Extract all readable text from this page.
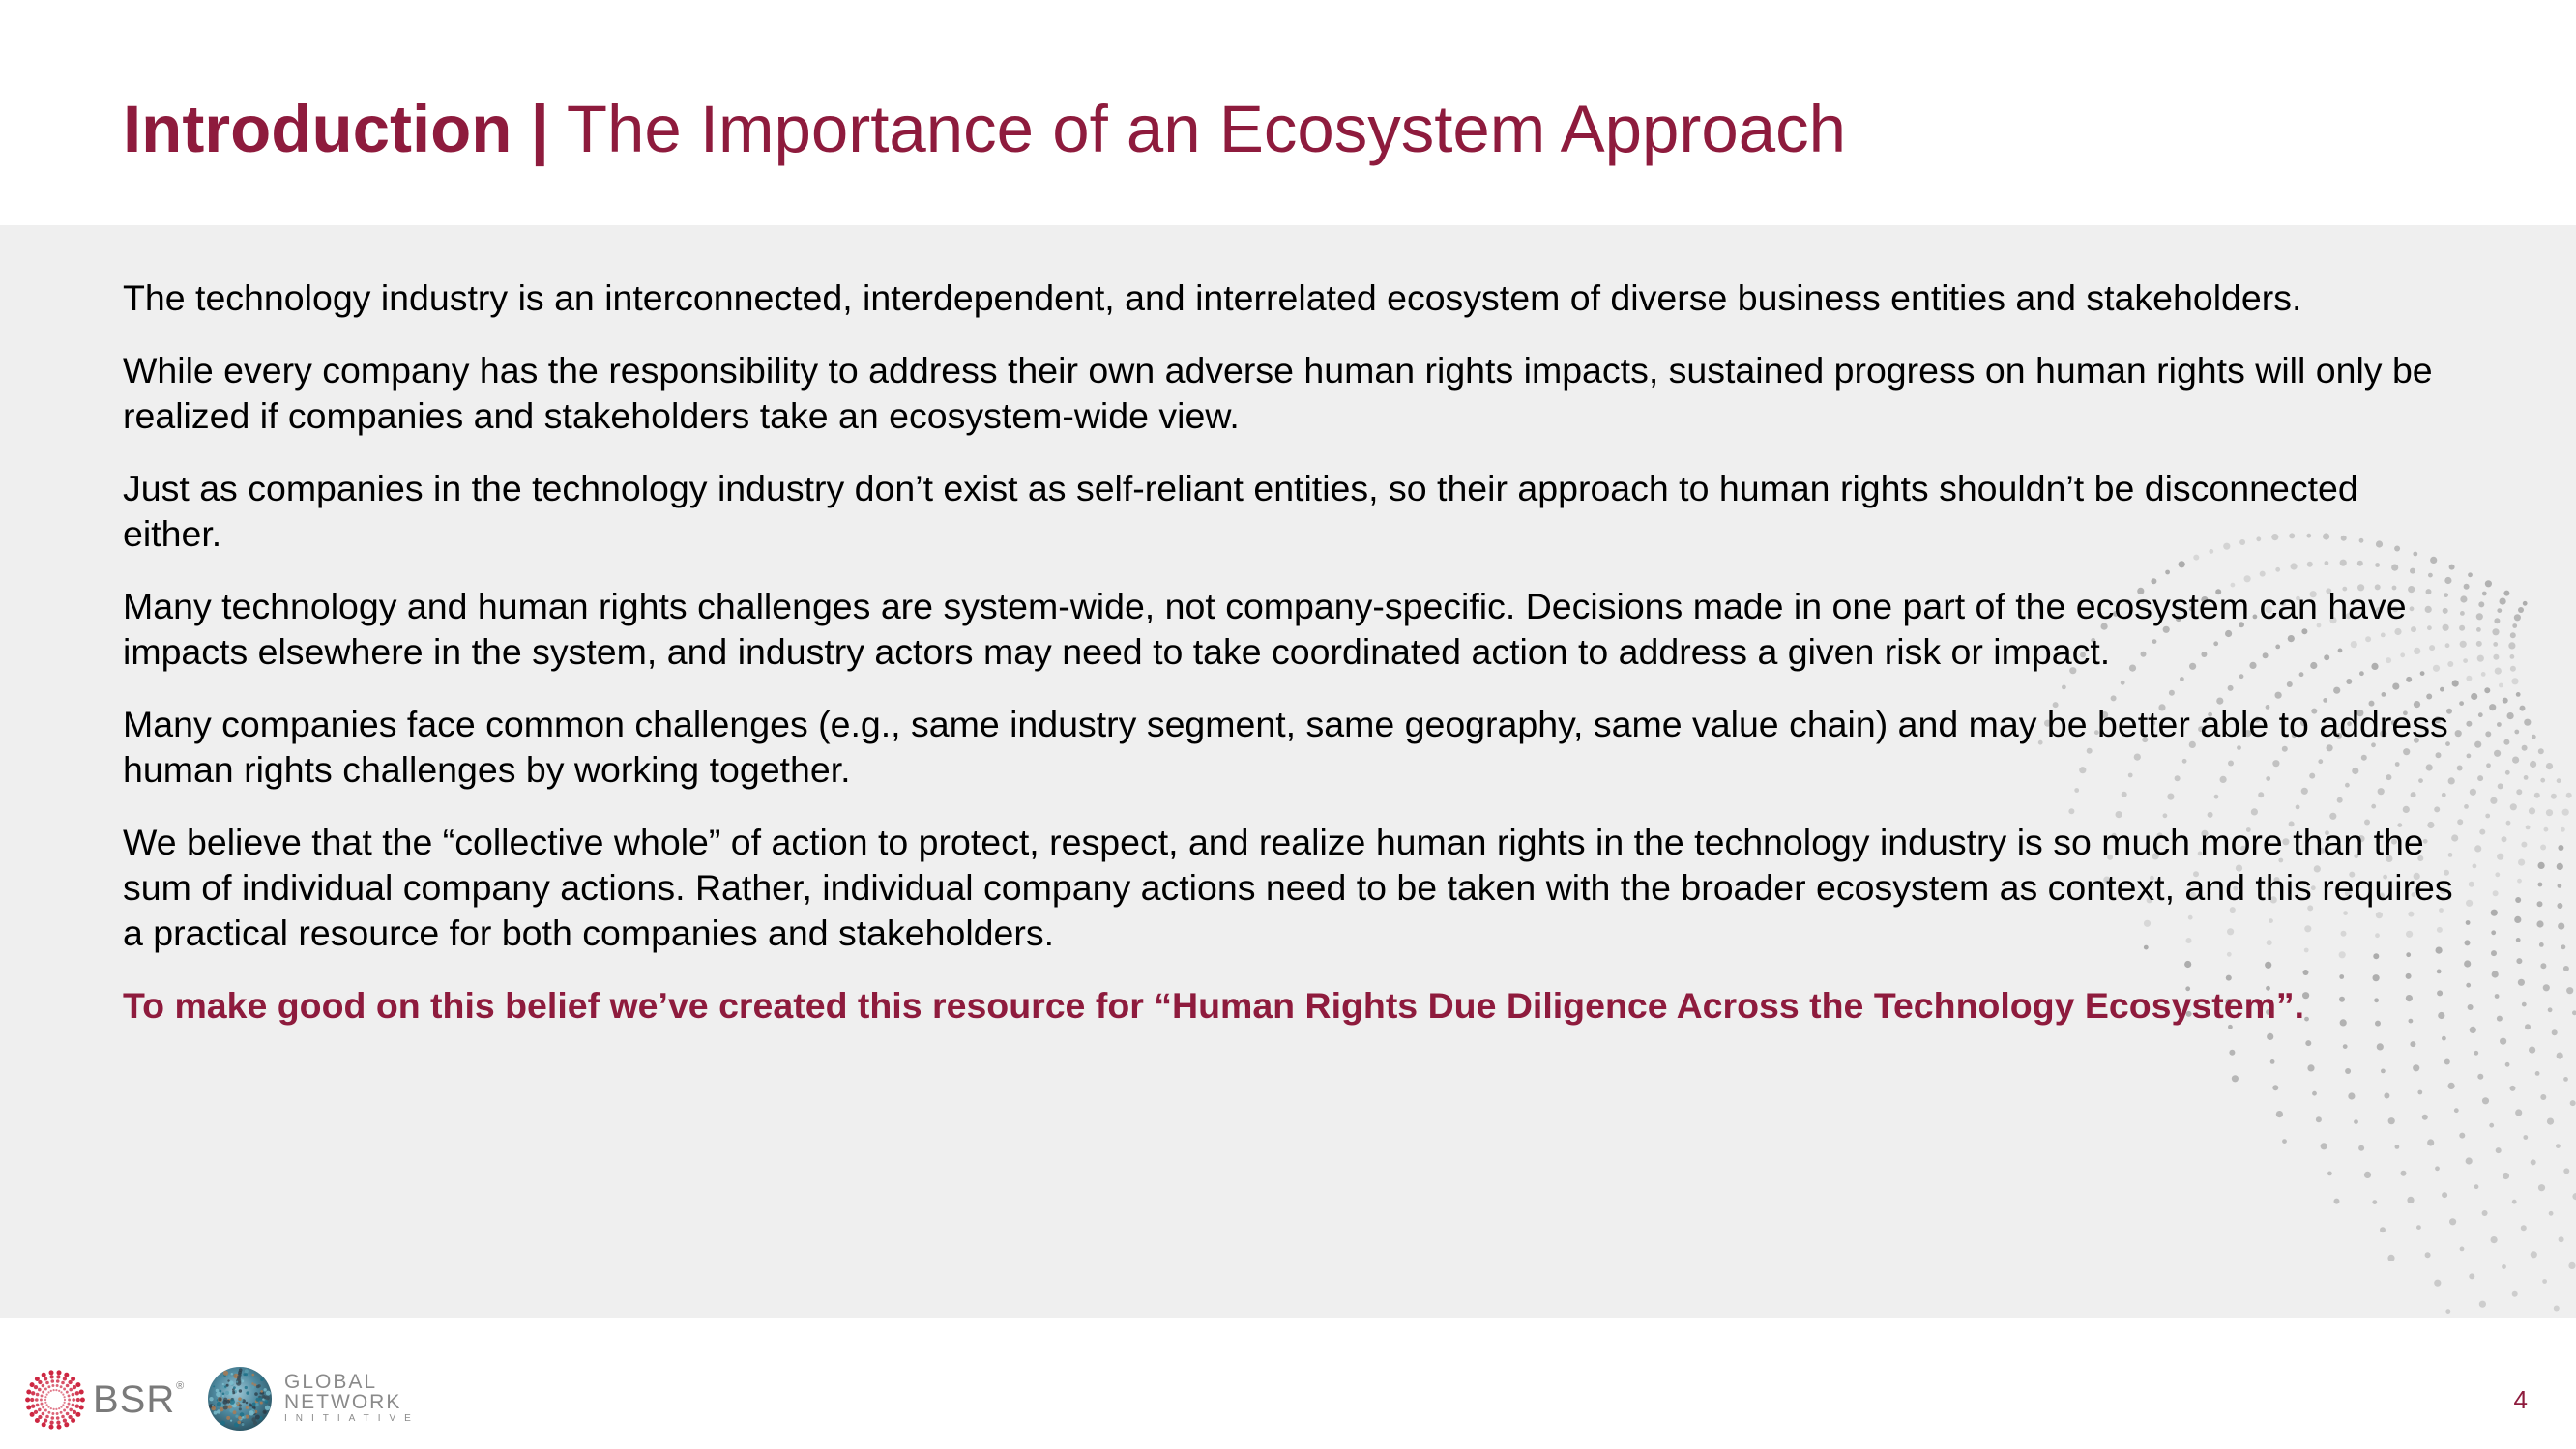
Introduction | The Importance of an Ecosystem Approach

The technology industry is an interconnected, interdependent, and interrelated ecosystem of diverse business entities and stakeholders.

While every company has the responsibility to address their own adverse human rights impacts, sustained progress on human rights will only be realized if companies and stakeholders take an ecosystem-wide view.

Just as companies in the technology industry don’t exist as self-reliant entities, so their approach to human rights shouldn’t be disconnected either.

Many technology and human rights challenges are system-wide, not company-specific. Decisions made in one part of the ecosystem can have impacts elsewhere in the system, and industry actors may need to take coordinated action to address a given risk or impact.

Many companies face common challenges (e.g., same industry segment, same geography, same value chain) and may be better able to address human rights challenges by working together.

We believe that the “collective whole” of action to protect, respect, and realize human rights in the technology industry is so much more than the sum of individual company actions. Rather, individual company actions need to be taken with the broader ecosystem as context, and this requires a practical resource for both companies and stakeholders.

To make good on this belief we’ve created this resource for “Human Rights Due Diligence Across the Technology Ecosystem”.

BSR ®	GLOBAL
NETWORK
INITIATIVE
4
